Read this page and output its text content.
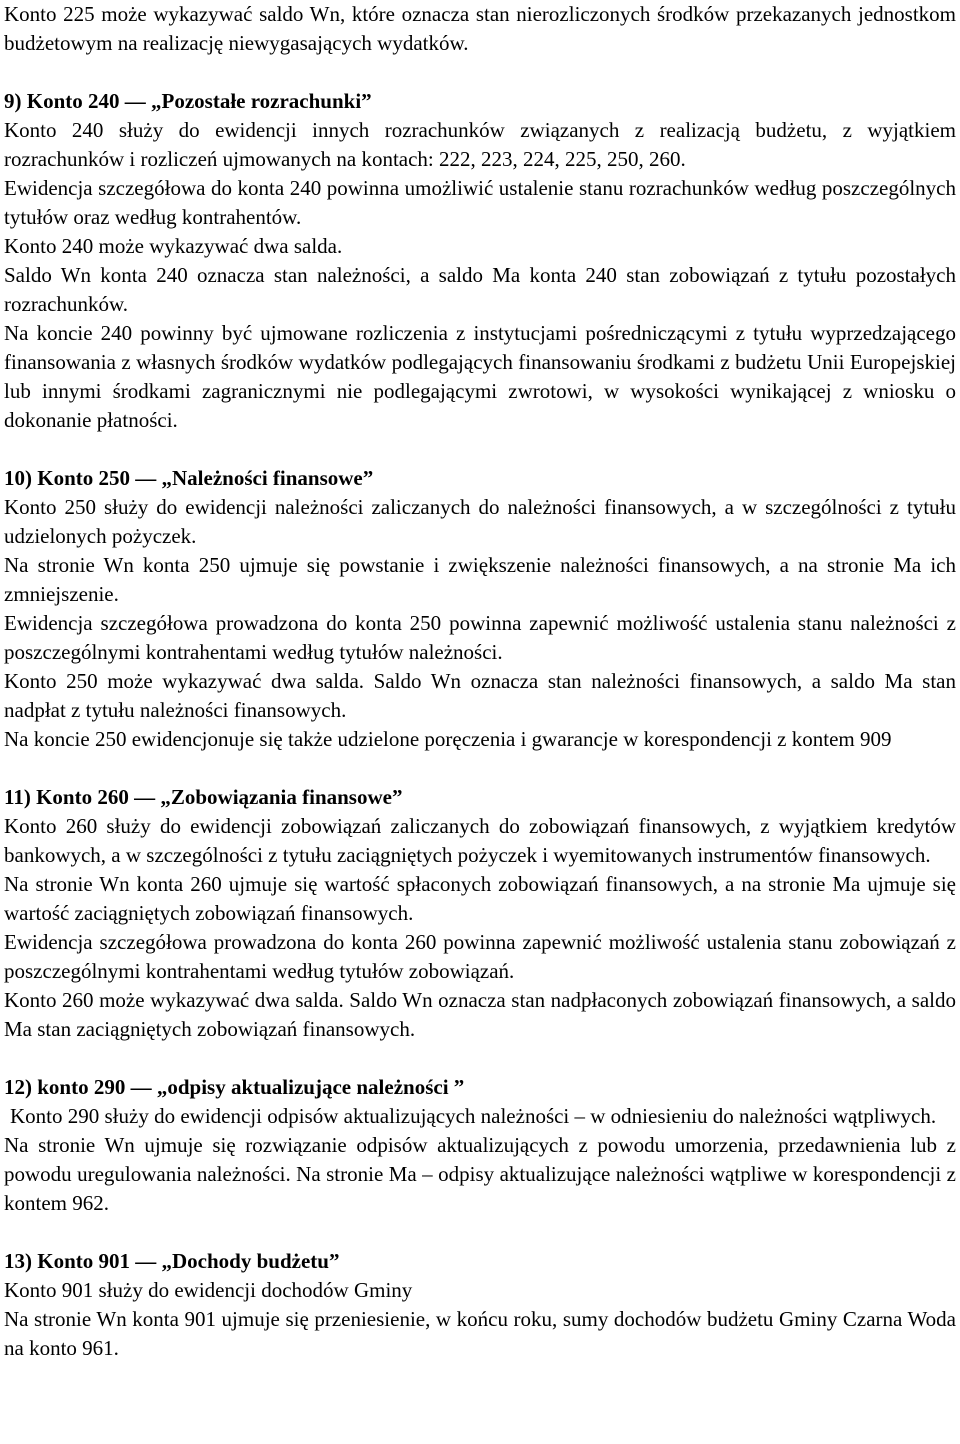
Konto 225 może wykazywać saldo Wn, które oznacza stan nierozliczonych środków przekazanych jednostkom budżetowym na realizację niewygasających wydatków.

9) Konto 240 — „Pozostałe rozrachunki”

Konto 240 służy do ewidencji innych rozrachunków związanych z realizacją budżetu, z wyjątkiem rozrachunków i rozliczeń ujmowanych na kontach: 222, 223, 224, 225, 250, 260.

Ewidencja szczegółowa do konta 240 powinna umożliwić ustalenie stanu rozrachunków według poszczególnych tytułów oraz według kontrahentów.

Konto 240 może wykazywać dwa salda.

Saldo Wn konta 240 oznacza stan należności, a saldo Ma konta 240 stan zobowiązań z tytułu pozostałych rozrachunków.

Na koncie 240 powinny być ujmowane rozliczenia z instytucjami pośredniczącymi z tytułu wyprzedzającego finansowania z własnych środków wydatków podlegających finansowaniu środkami z budżetu Unii Europejskiej lub innymi środkami zagranicznymi nie podlegającymi zwrotowi, w wysokości wynikającej z wniosku o dokonanie płatności.

10) Konto 250 — „Należności finansowe”

Konto 250 służy do ewidencji należności zaliczanych do należności finansowych, a w szczególności z tytułu udzielonych pożyczek.

Na stronie Wn konta 250 ujmuje się powstanie i zwiększenie należności finansowych, a na stronie Ma ich zmniejszenie.

Ewidencja szczegółowa prowadzona do konta 250 powinna zapewnić możliwość ustalenia stanu należności z poszczególnymi kontrahentami według tytułów należności.

Konto 250 może wykazywać dwa salda. Saldo Wn oznacza stan należności finansowych, a saldo Ma stan nadpłat z tytułu należności finansowych.

Na koncie 250 ewidencjonuje się także udzielone poręczenia i gwarancje w korespondencji z kontem 909

11) Konto 260 — „Zobowiązania finansowe”

Konto 260 służy do ewidencji zobowiązań zaliczanych do zobowiązań finansowych, z wyjątkiem kredytów bankowych, a w szczególności z tytułu zaciągniętych pożyczek i wyemitowanych instrumentów finansowych.

Na stronie Wn konta 260 ujmuje się wartość spłaconych zobowiązań finansowych, a na stronie Ma ujmuje się wartość zaciągniętych zobowiązań finansowych.

Ewidencja szczegółowa prowadzona do konta 260 powinna zapewnić możliwość ustalenia stanu zobowiązań z poszczególnymi kontrahentami według tytułów zobowiązań.

Konto 260 może wykazywać dwa salda. Saldo Wn oznacza stan nadpłaconych zobowiązań finansowych, a saldo Ma stan zaciągniętych zobowiązań finansowych.

12) konto 290 — „odpisy aktualizujące należności ”

Konto 290 służy do ewidencji odpisów aktualizujących należności – w odniesieniu do należności wątpliwych.

Na stronie Wn ujmuje się rozwiązanie odpisów aktualizujących z powodu umorzenia, przedawnienia lub z powodu uregulowania należności. Na stronie Ma – odpisy aktualizujące należności wątpliwe w korespondencji z kontem 962.

13) Konto 901 — „Dochody budżetu”

Konto 901 służy do ewidencji dochodów Gminy

Na stronie Wn konta 901 ujmuje się przeniesienie, w końcu roku, sumy dochodów budżetu Gminy Czarna Woda na konto 961.
